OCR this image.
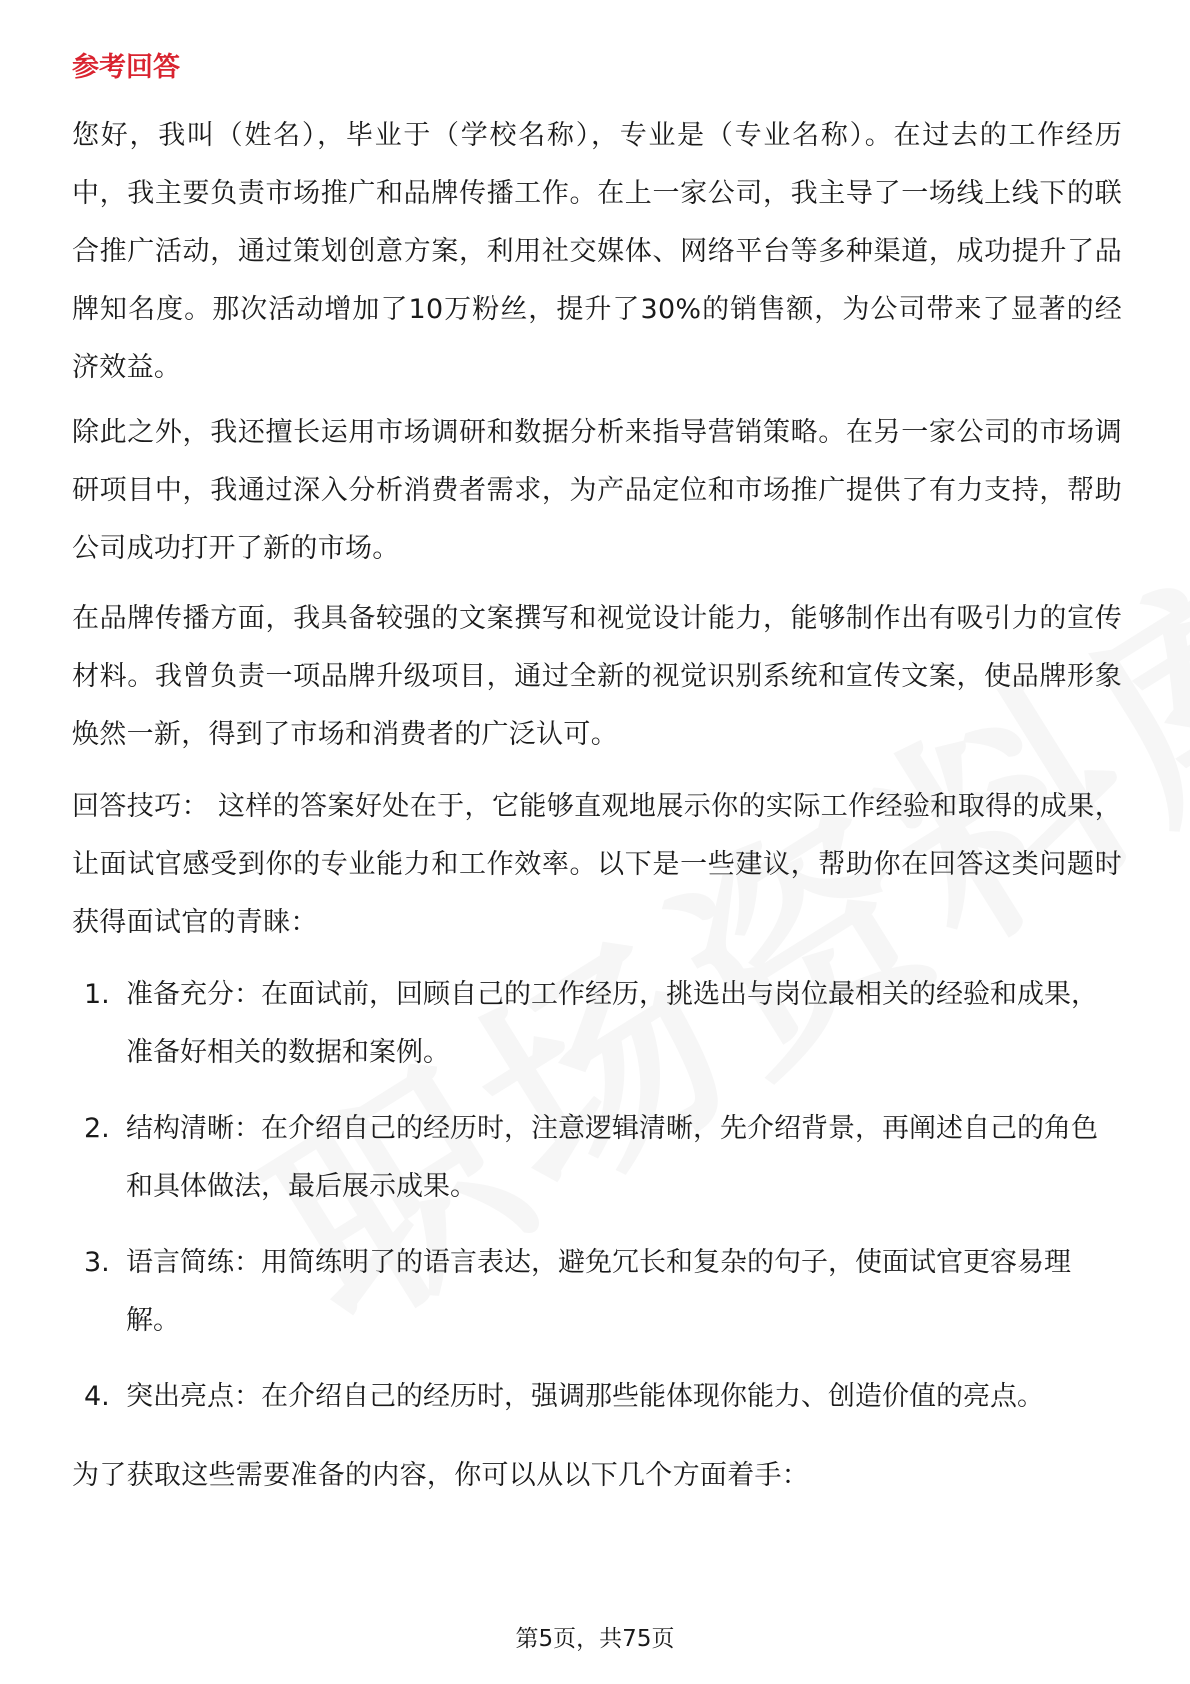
参考回答

您好，我叫（姓名），毕业于（学校名称），专业是（专业名称）。在过去的工作经历中，我主要负责市场推广和品牌传播工作。在上一家公司，我主导了一场线上线下的联合推广活动，通过策划创意方案，利用社交媒体、网络平台等多种渠道，成功提升了品牌知名度。那次活动增加了10万粉丝，提升了30%的销售额，为公司带来了显著的经济效益。

除此之外，我还擅长运用市场调研和数据分析来指导营销策略。在另一家公司的市场调研项目中，我通过深入分析消费者需求，为产品定位和市场推广提供了有力支持，帮助公司成功打开了新的市场。

在品牌传播方面，我具备较强的文案撰写和视觉设计能力，能够制作出有吸引力的宣传材料。我曾负责一项品牌升级项目，通过全新的视觉识别系统和宣传文案，使品牌形象焕然一新，得到了市场和消费者的广泛认可。

回答技巧： 这样的答案好处在于，它能够直观地展示你的实际工作经验和取得的成果，让面试官感受到你的专业能力和工作效率。以下是一些建议，帮助你在回答这类问题时获得面试官的青睐：

1. 准备充分：在面试前，回顾自己的工作经历，挑选出与岗位最相关的经验和成果，准备好相关的数据和案例。
2. 结构清晰：在介绍自己的经历时，注意逻辑清晰，先介绍背景，再阐述自己的角色和具体做法，最后展示成果。
3. 语言简练：用简练明了的语言表达，避免冗长和复杂的句子，使面试官更容易理解。
4. 突出亮点：在介绍自己的经历时，强调那些能体现你能力、创造价值的亮点。

为了获取这些需要准备的内容，你可以从以下几个方面着手：

第5页，共75页
